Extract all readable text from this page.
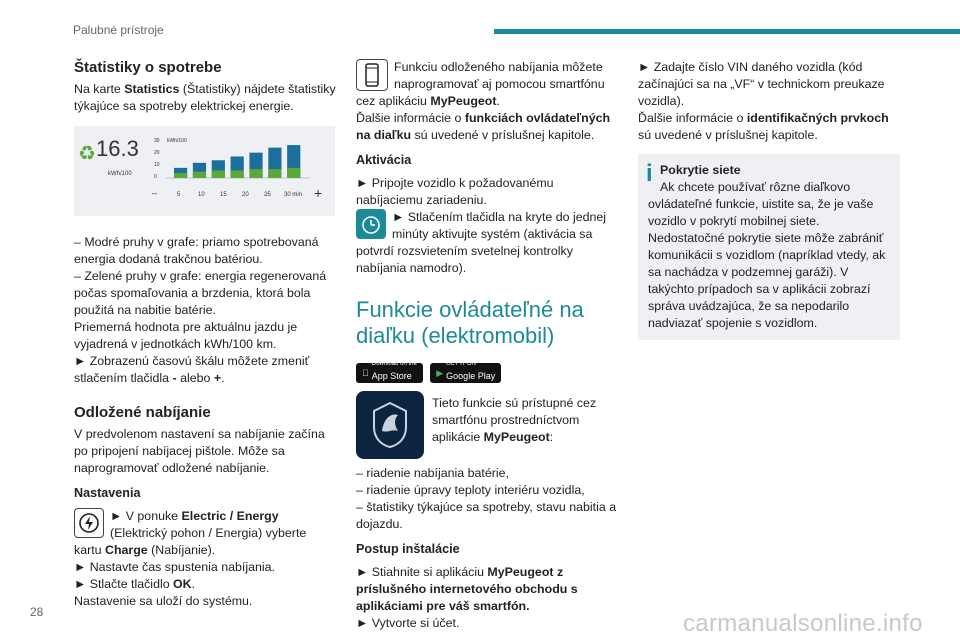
Palubné prístroje
Štatistiky o spotrebe

Na karte Statistics (Štatistiky) nájdete štatistiky týkajúce sa spotreby elektrickej energie.

♻ 16.3
kWh/100
kWh/100
30
20
10
0
5	10	15	20	25 30 min
–	+

– Modré pruhy v grafe: priamo spotrebovaná energia dodaná trakčnou batériou.

– Zelené pruhy v grafe: energia regenerovaná počas spomaľovania a brzdenia, ktorá bola použitá na nabitie batérie.

Priemerná hodnota pre aktuálnu jazdu je vyjadrená v jednotkách kWh/100 km.

► Zobrazenú časovú škálu môžete zmeniť stlačením tlačidla - alebo +.

Odložené nabíjanie

V predvolenom nastavení sa nabíjanie začína po pripojení nabíjacej pištole. Môže sa naprogramovať odložené nabíjanie.

Nastavenia

► V ponuke Electric / Energy (Elektrický pohon / Energia) vyberte kartu Charge (Nabíjanie).

► Nastavte čas spustenia nabíjania.

► Stlačte tlačidlo OK.

Nastavenie sa uloží do systému.

Funkciu odloženého nabíjania môžete naprogramovať aj pomocou smartfónu cez aplikáciu MyPeugeot.

Ďalšie informácie o funkciách ovládateľných na diaľku sú uvedené v príslušnej kapitole.

Aktivácia

► Pripojte vozidlo k požadovanému nabíjaciemu zariadeniu.

► Stlačením tlačidla na kryte do jednej minúty aktivujte systém (aktivácia sa potvrdí rozsvietením svetelnej kontrolky nabíjania namodro).

Funkcie ovládateľné na diaľku (elektromobil)
Download on the
App Store
	▶
GET IT ON
Google Play

Tieto funkcie sú prístupné cez smartfónu prostredníctvom aplikácie MyPeugeot:

– riadenie nabíjania batérie,

– riadenie úpravy teploty interiéru vozidla,

– štatistiky týkajúce sa spotreby, stavu nabitia a dojazdu.

Postup inštalácie

► Stiahnite si aplikáciu MyPeugeot z príslušného internetového obchodu s aplikáciami pre váš smartfón.

► Vytvorte si účet.

► Zadajte číslo VIN daného vozidla (kód začínajúci sa na „VF“ v technickom preukaze vozidla).

Ďalšie informácie o identifikačných prvkoch sú uvedené v príslušnej kapitole.

i Pokrytie siete

Ak chcete používať rôzne diaľkovo ovládateľné funkcie, uistite sa, že je vaše vozidlo v pokrytí mobilnej siete. Nedostatočné pokrytie siete môže zabrániť komunikácii s vozidlom (napríklad vtedy, ak sa nachádza v podzemnej garáži). V takýchto prípadoch sa v aplikácii zobrazí správa uvádzajúca, že sa nepodarilo nadviazať spojenie s vozidlom.

28	carmanualsonline.info
